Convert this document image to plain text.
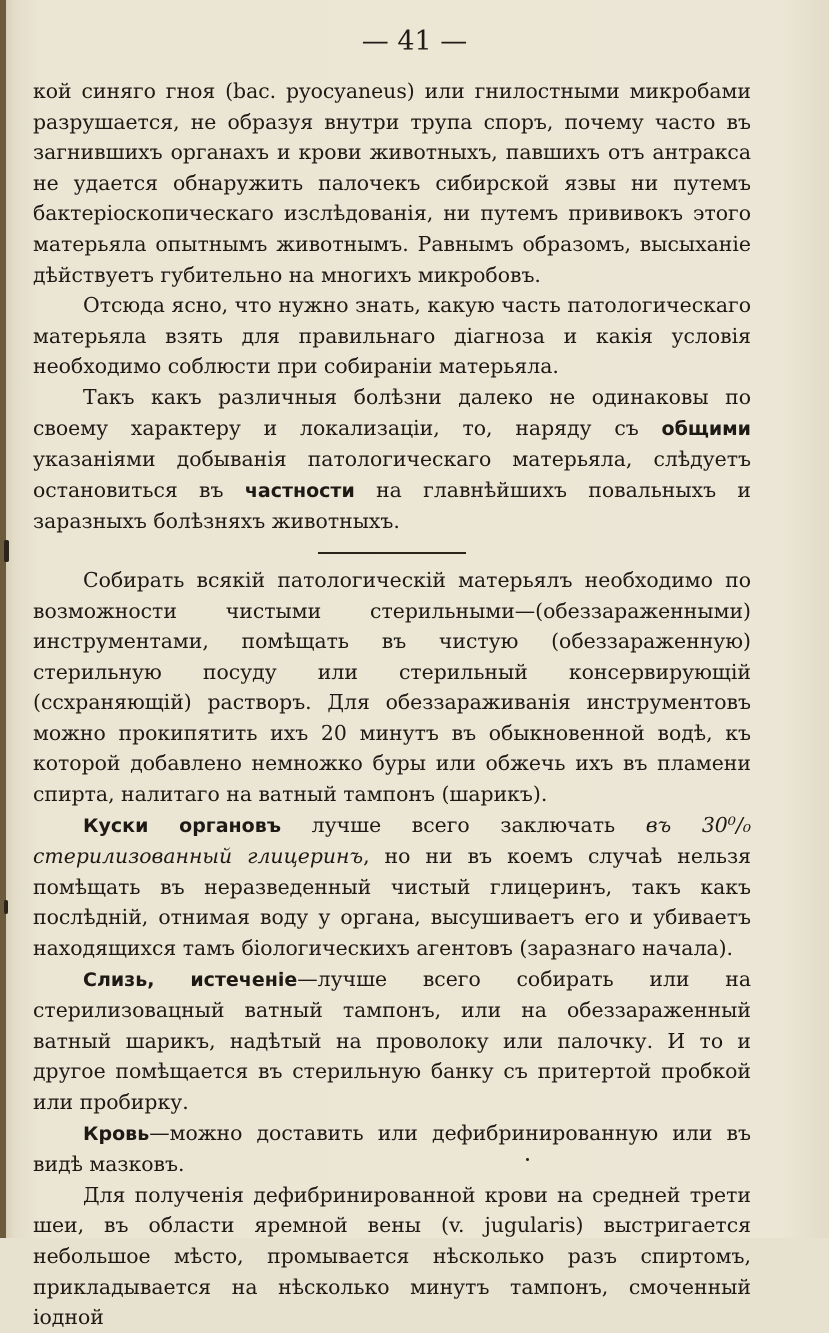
— 41 —

кой синяго гноя (bас. pyocyaneus) или гнилостными микробами разрушается, не образуя внутри трупа споръ, почему часто въ загнившихъ органахъ и крови животныхъ, павшихъ отъ антракса не удается обнаружить палочекъ сибирской язвы ни путемъ бактеріоскопическаго изслѣдованія, ни путемъ прививокъ этого матерьяла опытнымъ животнымъ. Равнымъ образомъ, высыханіе дѣйствуетъ губительно на многихъ микробовъ.

Отсюда ясно, что нужно знать, какую часть патологическаго матерьяла взять для правильнаго діагноза и какія условія необходимо соблюсти при собираніи матерьяла.

Такъ какъ различныя болѣзни далеко не одинаковы по своему характеру и локализаціи, то, наряду съ общими указаніями добыванія патологическаго матерьяла, слѣдуетъ остановиться въ частности на главнѣйшихъ повальныхъ и заразныхъ болѣзняхъ животныхъ.

Собирать всякій патологическій матерьялъ необходимо по возможности чистыми стерильными—(обеззараженными) инструментами, помѣщать въ чистую (обеззараженную) стерильную посуду или стерильный консервирующій (ссхраняющій) растворъ. Для обеззараживанія инструментовъ можно прокипятить ихъ 20 минутъ въ обыкновенной водѣ, къ которой добавлено немножко буры или обжечь ихъ въ пламени спирта, налитаго на ватный тампонъ (шарикъ).

Куски органовъ лучше всего заключать въ 30⁰/₀ стерилизованный глицеринъ, но ни въ коемъ случаѣ нельзя помѣщать въ неразведенный чистый глицеринъ, такъ какъ послѣдній, отнимая воду у органа, высушиваетъ его и убиваетъ находящихся тамъ біологическихъ агентовъ (заразнаго начала).

Слизь, истеченіе—лучше всего собирать или на стерилизовацный ватный тампонъ, или на обеззараженный ватный шарикъ, надѣтый на проволоку или палочку. И то и другое помѣщается въ стерильную банку съ притертой пробкой или пробирку.

Кровь—можно доставить или дефибринированную или въ видѣ мазковъ.

Для полученія дефибринированной крови на средней трети шеи, въ области яремной вены (v. jugularis) выстригается небольшое мѣсто, промывается нѣсколько разъ спиртомъ, прикладывается на нѣсколько минутъ тампонъ, смоченный іодной
